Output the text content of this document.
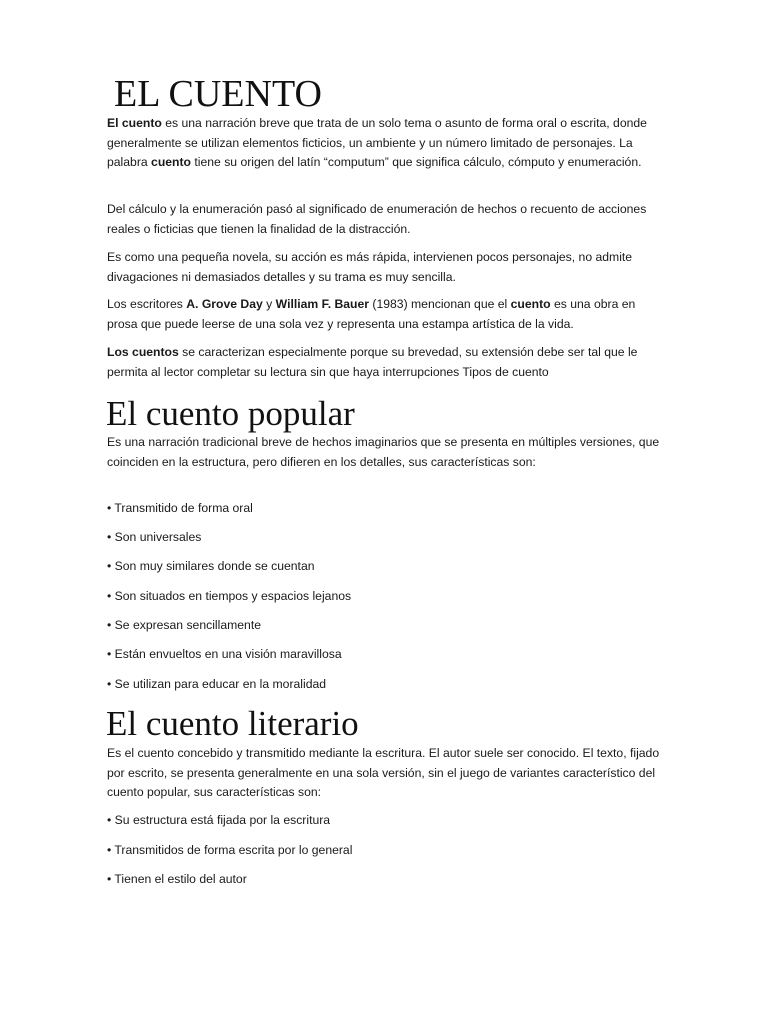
EL CUENTO

El cuento es una narración breve que trata de un solo tema o asunto de forma oral o escrita, donde generalmente se utilizan elementos ficticios, un ambiente y un número limitado de personajes. La palabra cuento tiene su origen del latín “computum” que significa cálculo, cómputo y enumeración.

Del cálculo y la enumeración pasó al significado de enumeración de hechos o recuento de acciones reales o ficticias que tienen la finalidad de la distracción.

Es como una pequeña novela, su acción es más rápida, intervienen pocos personajes, no admite divagaciones ni demasiados detalles y su trama es muy sencilla.

Los escritores A. Grove Day y William F. Bauer (1983) mencionan que el cuento es una obra en prosa que puede leerse de una sola vez y representa una estampa artística de la vida.

Los cuentos se caracterizan especialmente porque su brevedad, su extensión debe ser tal que le permita al lector completar su lectura sin que haya interrupciones Tipos de cuento

El cuento popular

Es una narración tradicional breve de hechos imaginarios que se presenta en múltiples versiones, que coinciden en la estructura, pero difieren en los detalles, sus características son:

• Transmitido de forma oral

• Son universales

• Son muy similares donde se cuentan

• Son situados en tiempos y espacios lejanos

• Se expresan sencillamente

• Están envueltos en una visión maravillosa

• Se utilizan para educar en la moralidad

El cuento literario

Es el cuento concebido y transmitido mediante la escritura. El autor suele ser conocido. El texto, fijado por escrito, se presenta generalmente en una sola versión, sin el juego de variantes característico del cuento popular, sus características son:

• Su estructura está fijada por la escritura

• Transmitidos de forma escrita por lo general

• Tienen el estilo del autor
